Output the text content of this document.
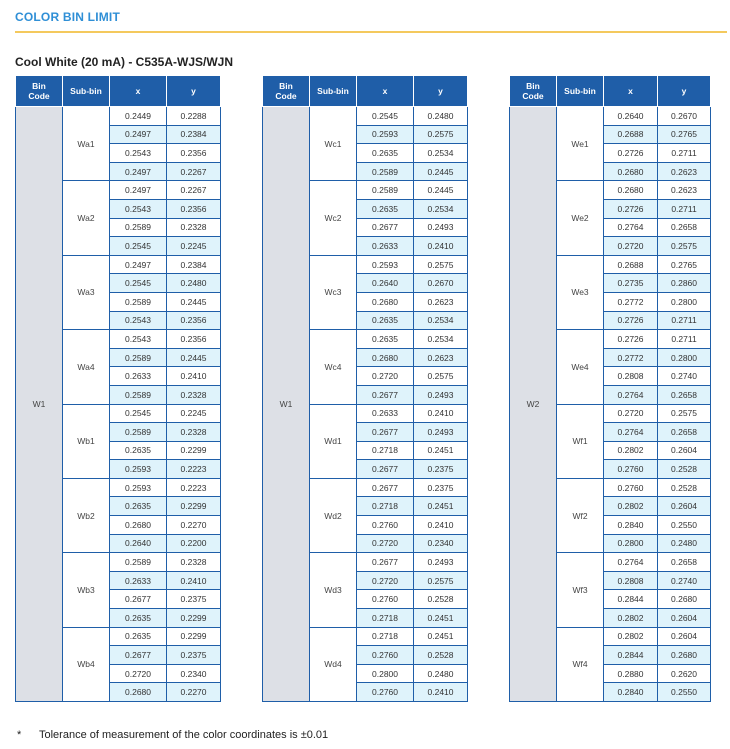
COLOR BIN LIMIT
Cool White (20 mA) - C535A-WJS/WJN
Bin
Code	Sub-bin	x	y
W1	Wa1	0.2449	0.2288
		0.2497	0.2384
		0.2543	0.2356
		0.2497	0.2267
	Wa2	0.2497	0.2267
		0.2543	0.2356
		0.2589	0.2328
		0.2545	0.2245
	Wa3	0.2497	0.2384
		0.2545	0.2480
		0.2589	0.2445
		0.2543	0.2356
	Wa4	0.2543	0.2356
		0.2589	0.2445
		0.2633	0.2410
		0.2589	0.2328
	Wb1	0.2545	0.2245
		0.2589	0.2328
		0.2635	0.2299
		0.2593	0.2223
	Wb2	0.2593	0.2223
		0.2635	0.2299
		0.2680	0.2270
		0.2640	0.2200
	Wb3	0.2589	0.2328
		0.2633	0.2410
		0.2677	0.2375
		0.2635	0.2299
	Wb4	0.2635	0.2299
		0.2677	0.2375
		0.2720	0.2340
		0.2680	0.2270
Bin
Code	Sub-bin	x	y
W1	Wc1	0.2545	0.2480
		0.2593	0.2575
		0.2635	0.2534
		0.2589	0.2445
	Wc2	0.2589	0.2445
		0.2635	0.2534
		0.2677	0.2493
		0.2633	0.2410
	Wc3	0.2593	0.2575
		0.2640	0.2670
		0.2680	0.2623
		0.2635	0.2534
	Wc4	0.2635	0.2534
		0.2680	0.2623
		0.2720	0.2575
		0.2677	0.2493
	Wd1	0.2633	0.2410
		0.2677	0.2493
		0.2718	0.2451
		0.2677	0.2375
	Wd2	0.2677	0.2375
		0.2718	0.2451
		0.2760	0.2410
		0.2720	0.2340
	Wd3	0.2677	0.2493
		0.2720	0.2575
		0.2760	0.2528
		0.2718	0.2451
	Wd4	0.2718	0.2451
		0.2760	0.2528
		0.2800	0.2480
		0.2760	0.2410
Bin
Code	Sub-bin	x	y
W2	We1	0.2640	0.2670
		0.2688	0.2765
		0.2726	0.2711
		0.2680	0.2623
	We2	0.2680	0.2623
		0.2726	0.2711
		0.2764	0.2658
		0.2720	0.2575
	We3	0.2688	0.2765
		0.2735	0.2860
		0.2772	0.2800
		0.2726	0.2711
	We4	0.2726	0.2711
		0.2772	0.2800
		0.2808	0.2740
		0.2764	0.2658
	Wf1	0.2720	0.2575
		0.2764	0.2658
		0.2802	0.2604
		0.2760	0.2528
	Wf2	0.2760	0.2528
		0.2802	0.2604
		0.2840	0.2550
		0.2800	0.2480
	Wf3	0.2764	0.2658
		0.2808	0.2740
		0.2844	0.2680
		0.2802	0.2604
	Wf4	0.2802	0.2604
		0.2844	0.2680
		0.2880	0.2620
		0.2840	0.2550

* Tolerance of measurement of the color coordinates is ±0.01
